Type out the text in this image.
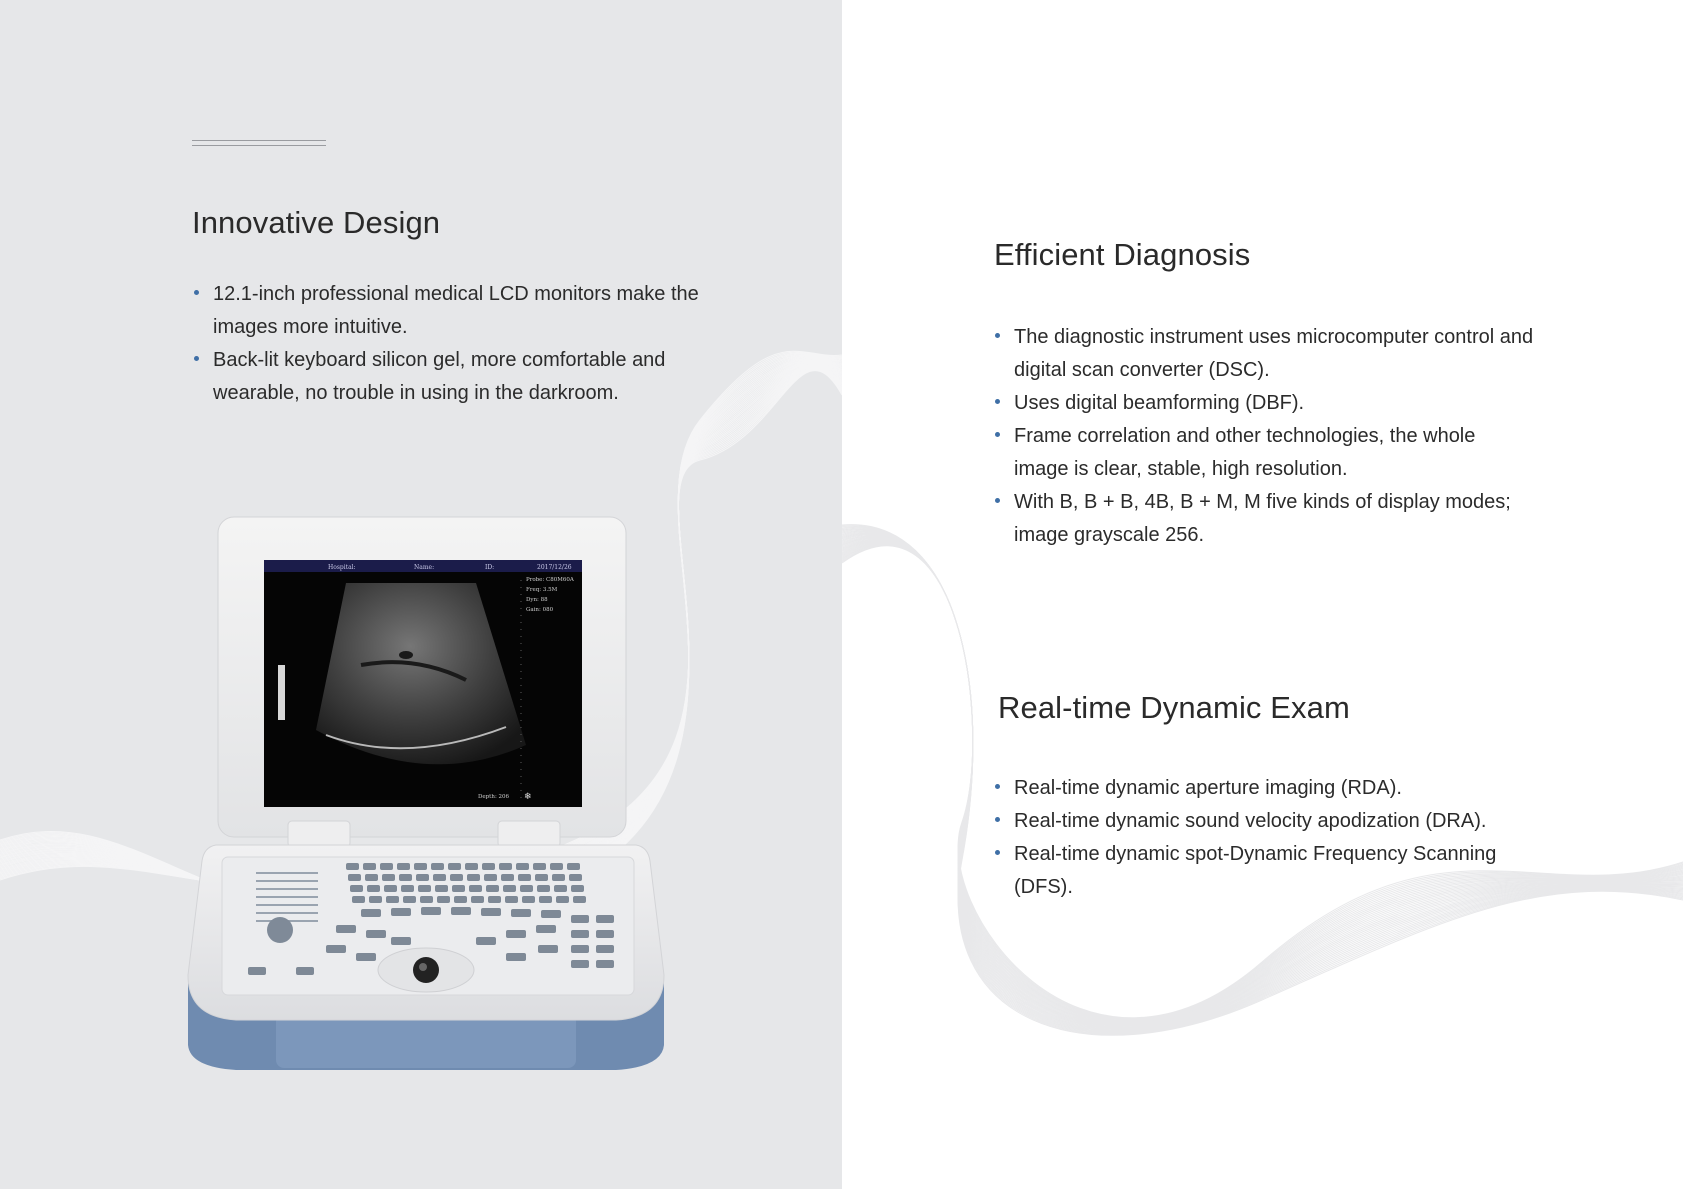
Innovative Design
12.1-inch professional medical LCD monitors make the images more intuitive.
Back-lit keyboard silicon gel, more comfortable and wearable, no trouble in using in the darkroom.
Hospital:	Name:	ID:	2017/12/26
Probe: C80M60A
Freq: 3.5M
Dyn: 88
Gain: 080
Depth: 206 ❄
Efficient Diagnosis
The diagnostic instrument uses microcomputer control and digital scan converter (DSC).
Uses digital beamforming (DBF).
Frame correlation and other technologies, the whole image is clear, stable, high resolution.
With B, B + B, 4B, B + M, M five kinds of display modes; image grayscale 256.
Real-time Dynamic Exam
Real-time dynamic aperture imaging (RDA).
Real-time dynamic sound velocity apodization (DRA).
Real-time dynamic spot-Dynamic Frequency Scanning (DFS).
